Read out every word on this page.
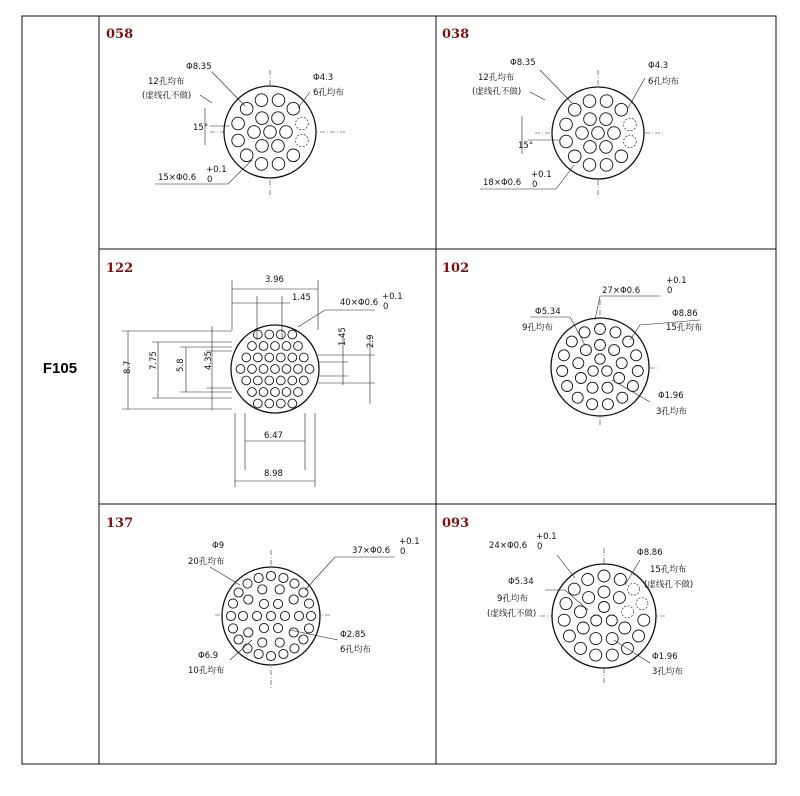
F105
058
Φ8.35
12孔均布
(虚线孔不做)
Φ4.3
6孔均布
15°
15×Φ0.6
+0.1
0
038
Φ8.35
12孔均布
(虚线孔不做)
Φ4.3
6孔均布
15°
18×Φ0.6
+0.1
0
122
3.96
1.45	40×Φ0.6
+0.1
0
8.7 7.75 5.8 4.35
1.45 2.9
6.47
8.98
102
27×Φ0.6
+0.1
0
Φ5.34
9孔均布
Φ8.86
15孔均布
Φ1.96
3孔均布
137
Φ9
20孔均布
37×Φ0.6
+0.1
0
Φ2.85
6孔均布
Φ6.9
10孔均布
093
24×Φ0.6
+0.1
0
Φ8.86
15孔均布
(虚线孔不做)
Φ5.34
9孔均布
(虚线孔不做)
Φ1.96
3孔均布
